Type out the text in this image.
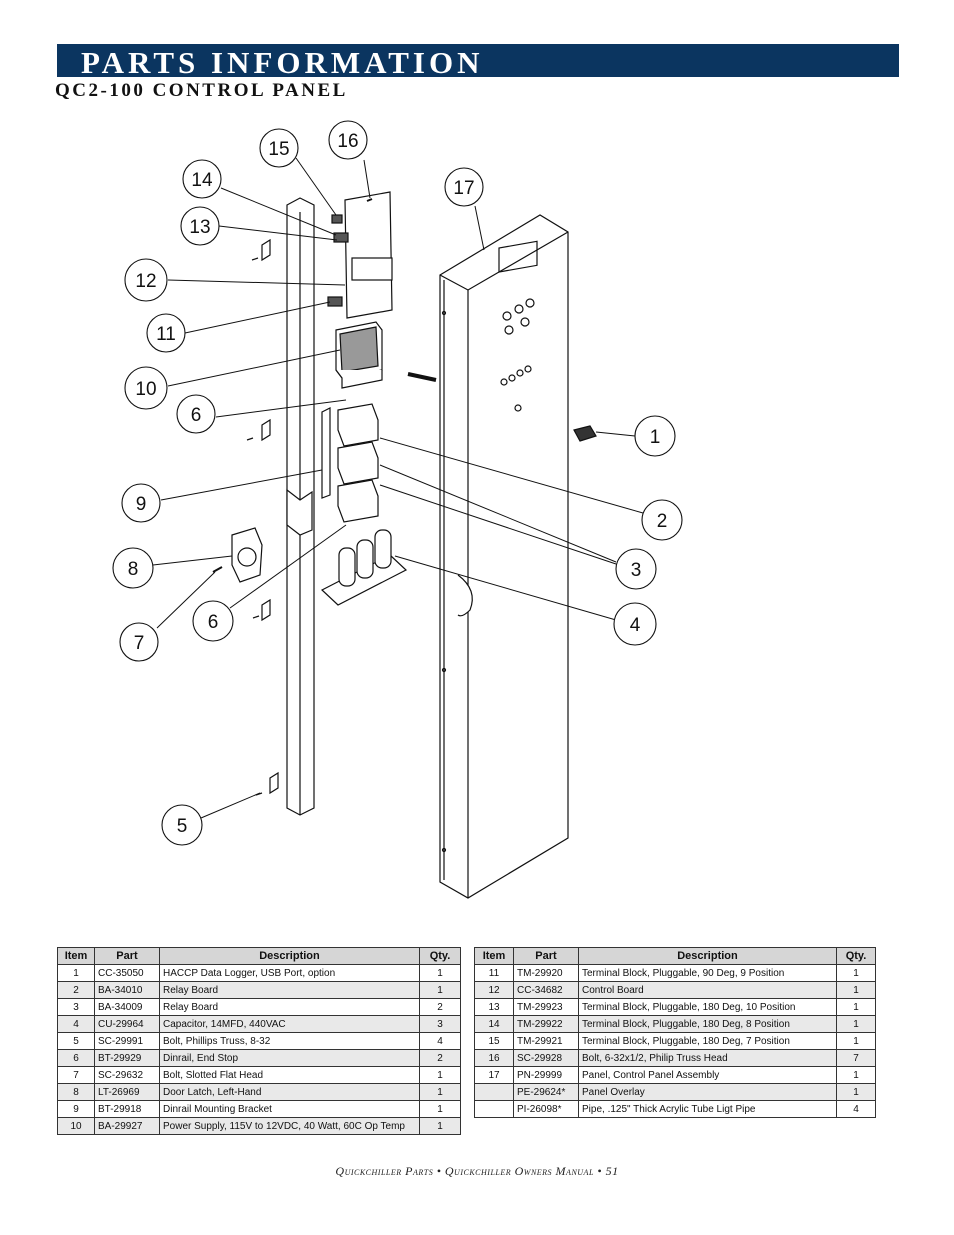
PARTS INFORMATION
QC2-100 CONTROL PANEL
15	16
14	17
13
12
11
10
6
1
9
2
8	3
7
6	4
5
Item	Part	Description	Qty.
1	CC-35050	HACCP Data Logger, USB Port, option	1
2	BA-34010	Relay Board	1
3	BA-34009	Relay Board	2
4	CU-29964	Capacitor, 14MFD, 440VAC	3
5	SC-29991	Bolt, Phillips Truss, 8-32	4
6	BT-29929	Dinrail, End Stop	2
7	SC-29632	Bolt, Slotted Flat Head	1
8	LT-26969	Door Latch, Left-Hand	1
9	BT-29918	Dinrail Mounting Bracket	1
10	BA-29927	Power Supply, 115V to 12VDC, 40 Watt, 60C Op Temp	1
Item	Part	Description	Qty.
11	TM-29920	Terminal Block, Pluggable, 90 Deg, 9 Position	1
12	CC-34682	Control Board	1
13	TM-29923	Terminal Block, Pluggable, 180 Deg, 10 Position	1
14	TM-29922	Terminal Block, Pluggable, 180 Deg, 8 Position	1
15	TM-29921	Terminal Block, Pluggable, 180 Deg, 7 Position	1
16	SC-29928	Bolt, 6-32x1/2, Philip Truss Head	7
17	PN-29999	Panel, Control Panel Assembly	1
	PE-29624*	Panel Overlay	1
	PI-26098*	Pipe, .125" Thick Acrylic Tube Ligt Pipe	4
Quickchiller Parts • Quickchiller Owners Manual • 51
